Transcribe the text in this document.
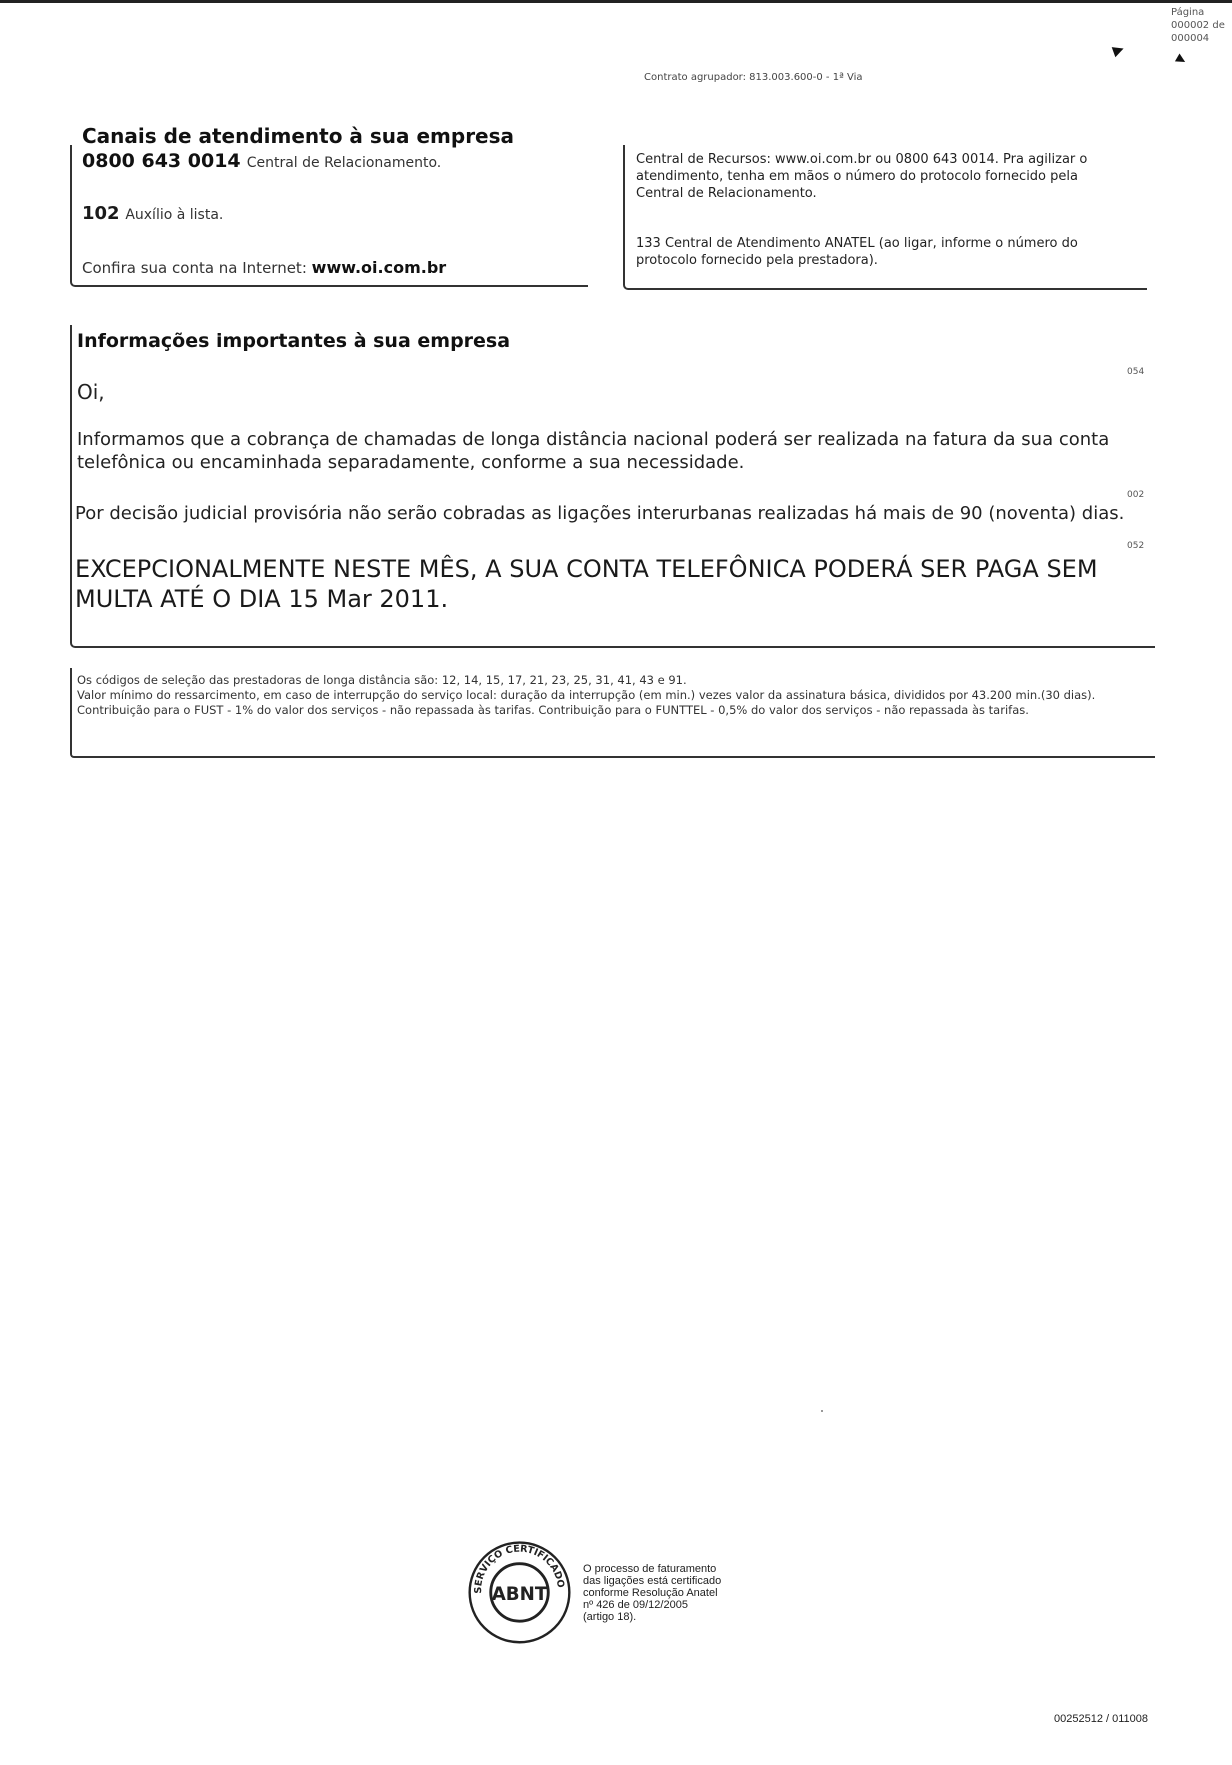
Página
000002 de
000004
▶	▶
Contrato agrupador: 813.003.600-0 - 1ª Via
Canais de atendimento à sua empresa
0800 643 0014 Central de Relacionamento.
102 Auxílio à lista.
Confira sua conta na Internet: www.oi.com.br
Central de Recursos: www.oi.com.br ou 0800 643 0014. Pra agilizar o atendimento, tenha em mãos o número do protocolo fornecido pela Central de Relacionamento.
133 Central de Atendimento ANATEL (ao ligar, informe o número do protocolo fornecido pela prestadora).
Informações importantes à sua empresa
054
Oi,
Informamos que a cobrança de chamadas de longa distância nacional poderá ser realizada na fatura da sua conta telefônica ou encaminhada separadamente, conforme a sua necessidade.
002
Por decisão judicial provisória não serão cobradas as ligações interurbanas realizadas há mais de 90 (noventa) dias.
052
EXCEPCIONALMENTE NESTE MÊS, A SUA CONTA TELEFÔNICA PODERÁ SER PAGA SEM MULTA ATÉ O DIA 15 Mar 2011.
Os códigos de seleção das prestadoras de longa distância são: 12, 14, 15, 17, 21, 23, 25, 31, 41, 43 e 91.
Valor mínimo do ressarcimento, em caso de interrupção do serviço local: duração da interrupção (em min.) vezes valor da assinatura básica, divididos por 43.200 min.(30 dias).
Contribuição para o FUST - 1% do valor dos serviços - não repassada às tarifas. Contribuição para o FUNTTEL - 0,5% do valor dos serviços - não repassada às tarifas.
SERVIÇO CERTIFICADO
ABNT
O processo de faturamento
das ligações está certificado
conforme Resolução Anatel
nº 426 de 09/12/2005
(artigo 18).
00252512 / 011008
